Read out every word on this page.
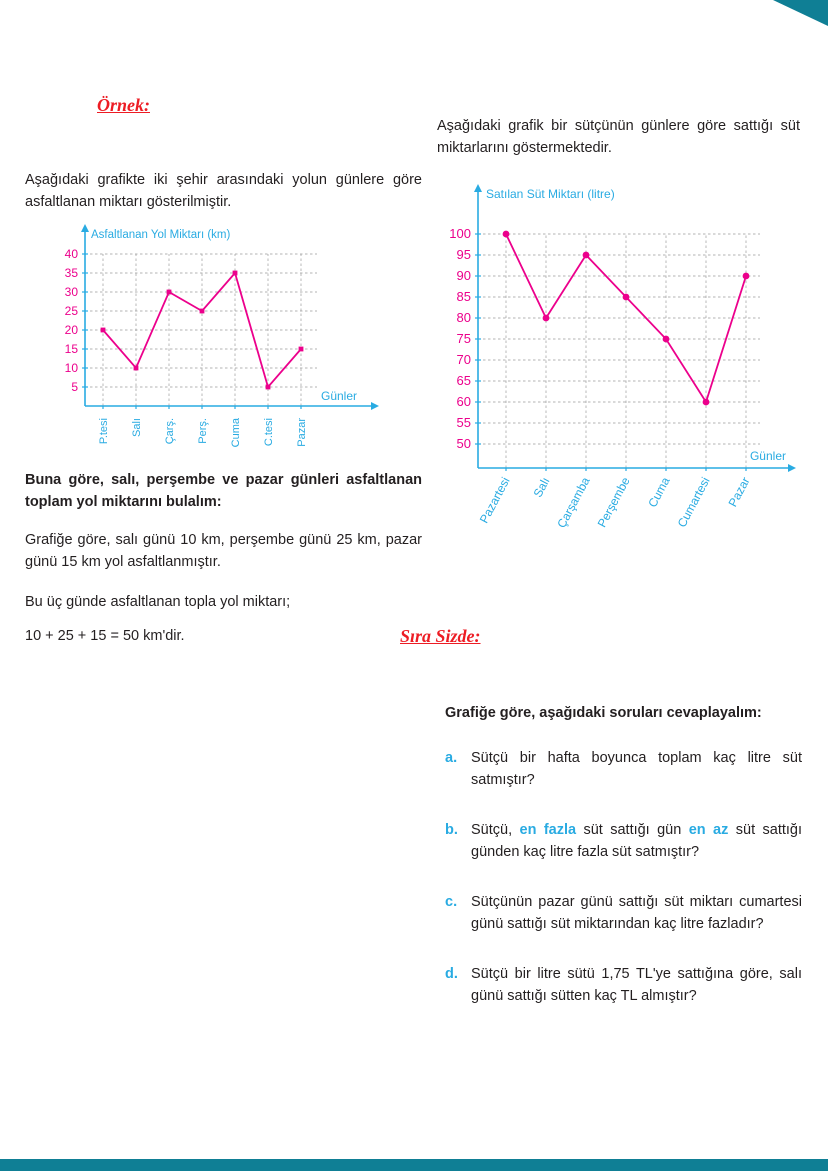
Örnek:

Aşağıdaki grafikte iki şehir arasındaki yolun günlere göre asfaltlanan miktarı gösterilmiştir.

5
10
15
20
25
30
35
40
P.tesi Salı Çarş. Perş. Cuma C.tesi Pazar
Asfaltlanan Yol Miktarı (km)
Günler

Buna göre, salı, perşembe ve pazar günleri asfaltlanan toplam yol miktarını bulalım:

Grafiğe göre, salı günü 10 km, perşembe günü 25 km, pazar günü 15 km yol asfaltlanmıştır.

Bu üç günde asfaltlanan topla yol miktarı;

10 + 25 + 15 = 50 km'dir.

Aşağıdaki grafik bir sütçünün günlere göre sattığı süt miktarlarını göstermektedir.

50
55
60
65
70
75
80
85
90
95
100
Pazartesi Salı Çarşamba Perşembe Cuma Cumartesi Pazar
Satılan Süt Miktarı (litre)
Günler
Sıra Sizde:

Grafiğe göre, aşağıdaki soruları cevaplayalım:

a. Sütçü bir hafta boyunca toplam kaç litre süt satmıştır?
b. Sütçü, en fazla süt sattığı gün en az süt sattığı günden kaç litre fazla süt satmıştır?
c. Sütçünün pazar günü sattığı süt miktarı cumartesi günü sattığı süt miktarından kaç litre fazladır?
d. Sütçü bir litre sütü 1,75 TL'ye sattığına göre, salı günü sattığı sütten kaç TL almıştır?
